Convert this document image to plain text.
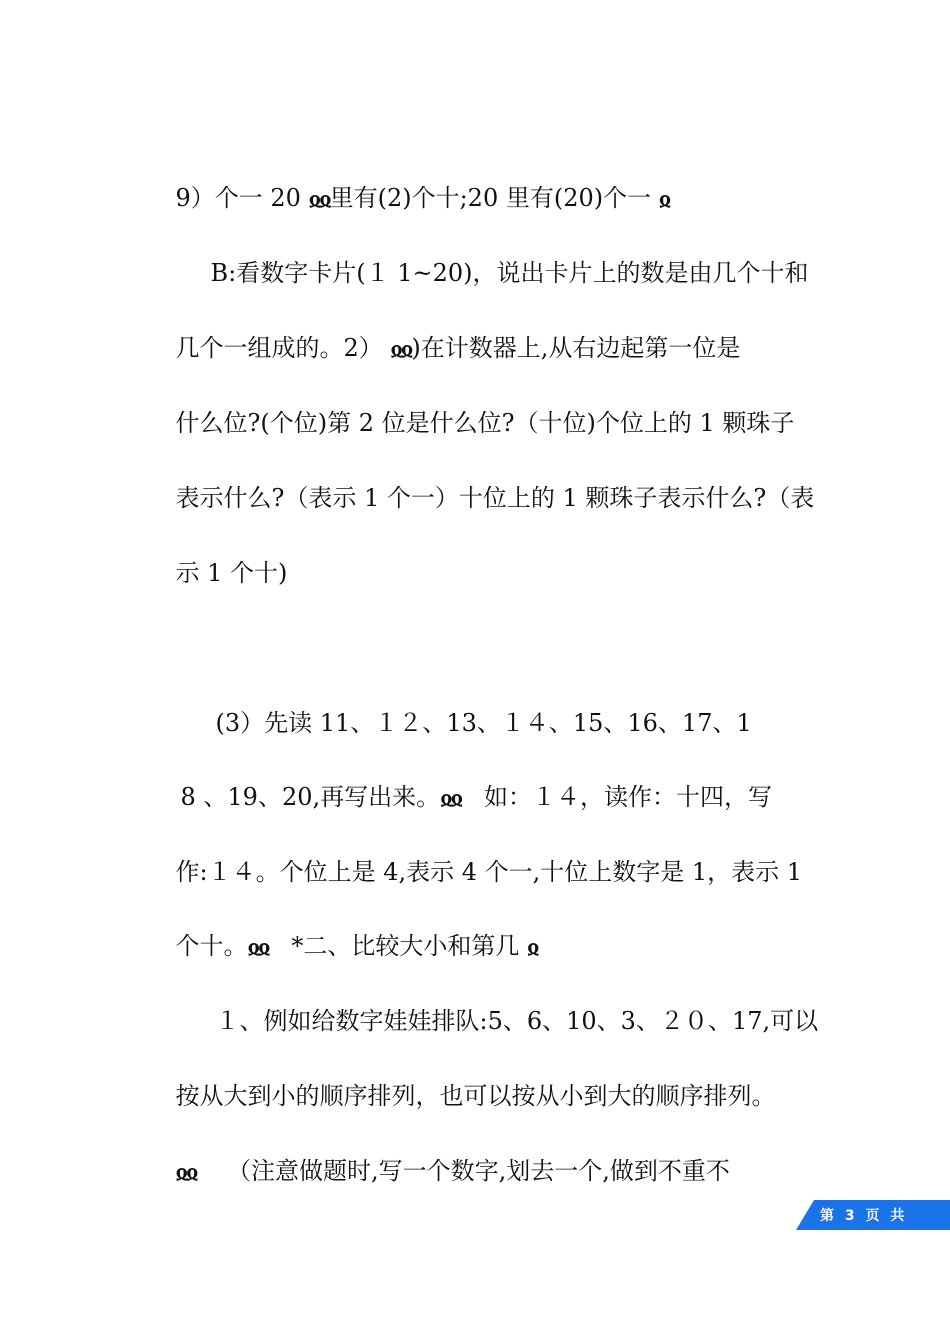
9）个一 20 ჲჲ里有(2)个十;20 里有(20)个一 ჲ

B:看数字卡片(１ 1~20)，说出卡片上的数是由几个十和

几个一组成的。2） ჲჲ)在计数器上,从右边起第一位是

什么位?(个位)第 2 位是什么位?（十位)个位上的 1 颗珠子

表示什么?（表示 1 个一）十位上的 1 颗珠子表示什么?（表

示 1 个十)

(3）先读 11、１２、13、１４、15、16、17、1

8 、19、20,再写出来。ჲჲ   如：１４，读作：十四，写

作:１４。个位上是 4,表示 4 个一,十位上数字是 1，表示 1

个十。ჲჲ   *二、比较大小和第几 ჲ

１、例如给数字娃娃排队:5、6、10、3、２０、17,可以

按从大到小的顺序排列，也可以按从小到大的顺序排列。

ჲჲ    （注意做题时,写一个数字,划去一个,做到不重不

第 3 页 共
